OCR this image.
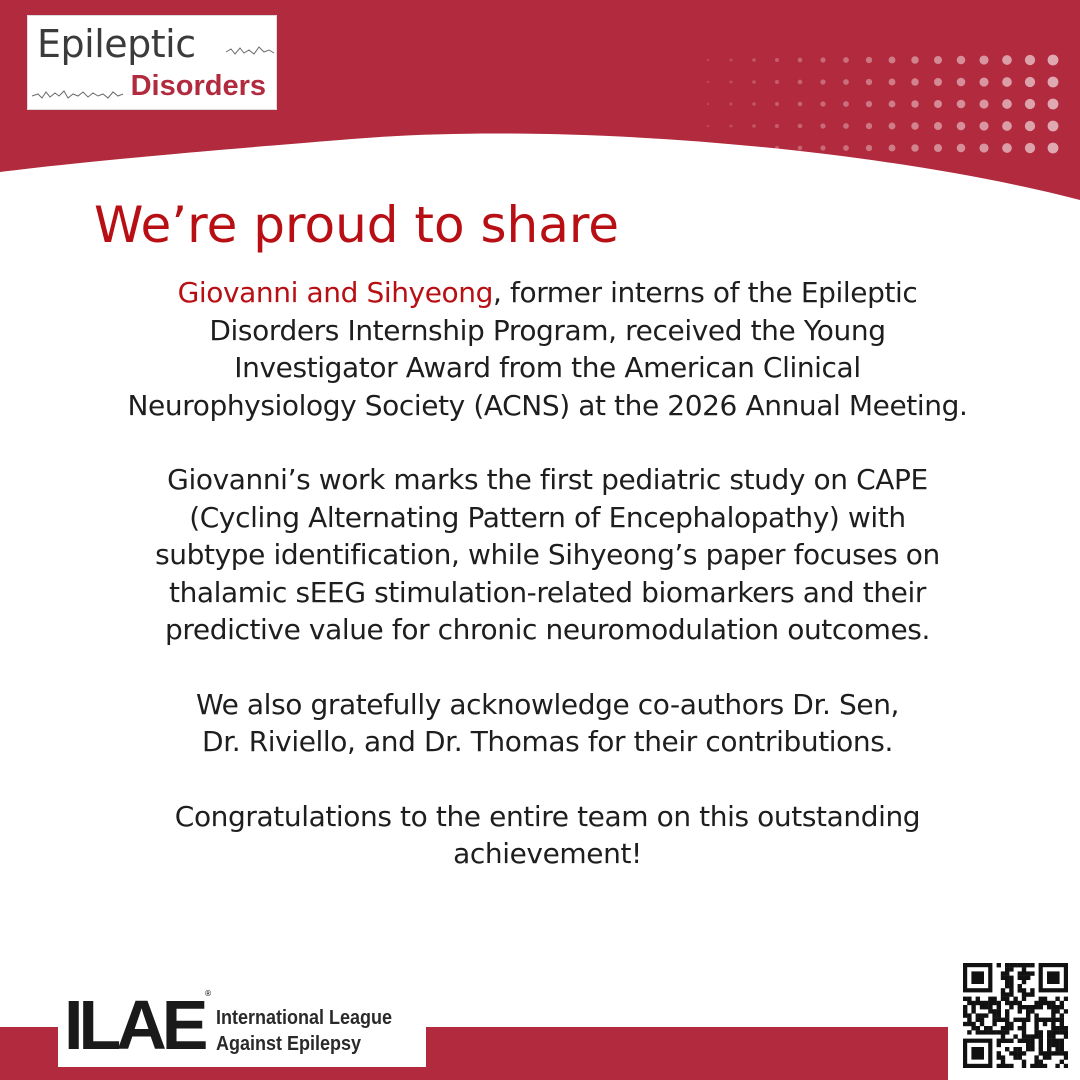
Epileptic
Disorders
We’re proud to share

Giovanni and Sihyeong, former interns of the Epileptic
Disorders Internship Program, received the Young
Investigator Award from the American Clinical
Neurophysiology Society (ACNS) at the 2026 Annual Meeting.

Giovanni’s work marks the first pediatric study on CAPE
(Cycling Alternating Pattern of Encephalopathy) with
subtype identification, while Sihyeong’s paper focuses on
thalamic sEEG stimulation-related biomarkers and their
predictive value for chronic neuromodulation outcomes.

We also gratefully acknowledge co-authors Dr. Sen,
Dr. Riviello, and Dr. Thomas for their contributions.

Congratulations to the entire team on this outstanding
achievement!

ILAE ®
International League
Against Epilepsy
